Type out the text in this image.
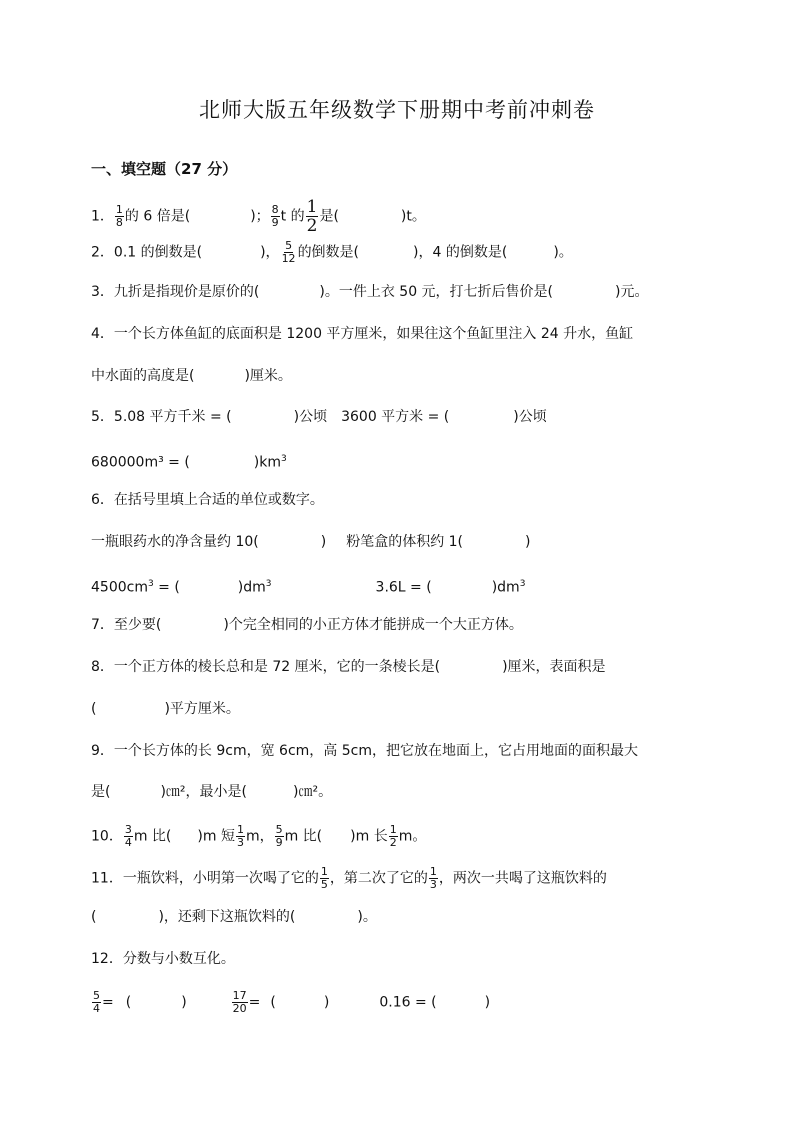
北师大版五年级数学下册期中考前冲刺卷
一、填空题（27 分）
1． $\frac{1}{8}$ 的 6 倍是(	)； $\frac{8}{9}$ t 的 $\frac{1}{2}$ 是(	)t。
2．0.1 的倒数是(	)， $\frac{5}{12}$ 的倒数是(	)，4 的倒数是(	)。
3．九折是指现价是原价的(	)。一件上衣 50 元，打七折后售价是(	)元。
4．一个长方体鱼缸的底面积是 1200 平方厘米，如果往这个鱼缸里注入 24 升水，鱼缸
中水面的高度是(	)厘米。
5．5.08 平方千米 = (	)公顷 3600 平方米 = (	)公顷
680000m³ = (	)$km^3$
6．在括号里填上合适的单位或数字。
一瓶眼药水的净含量约 10(	) 粉笔盒的体积约 1(	)
$4500cm^3$ = (	)$dm^3$	3.6L = (	)$dm^3$
7．至少要(	)个完全相同的小正方体才能拼成一个大正方体。
8．一个正方体的棱长总和是 72 厘米，它的一条棱长是(	)厘米，表面积是
(	)平方厘米。
9．一个长方体的长 9cm，宽 6cm，高 5cm，把它放在地面上，它占用地面的面积最大
是(	)㎝²，最小是(	)㎝²。
10． $\frac{3}{4}$ m 比( )m 短 $\frac{1}{3}$ m， $\frac{5}{9}$ m 比( )m 长 $\frac{1}{2}$ m。
11．一瓶饮料，小明第一次喝了它的 $\frac{1}{5}$ ，第二次了它的 $\frac{1}{3}$ ，两次一共喝了这瓶饮料的
(	)，还剩下这瓶饮料的(	)。
12．分数与小数互化。
$\frac{5}{4}$ = (	)	$\frac{17}{20}$ = (	)	0.16 = (	)
